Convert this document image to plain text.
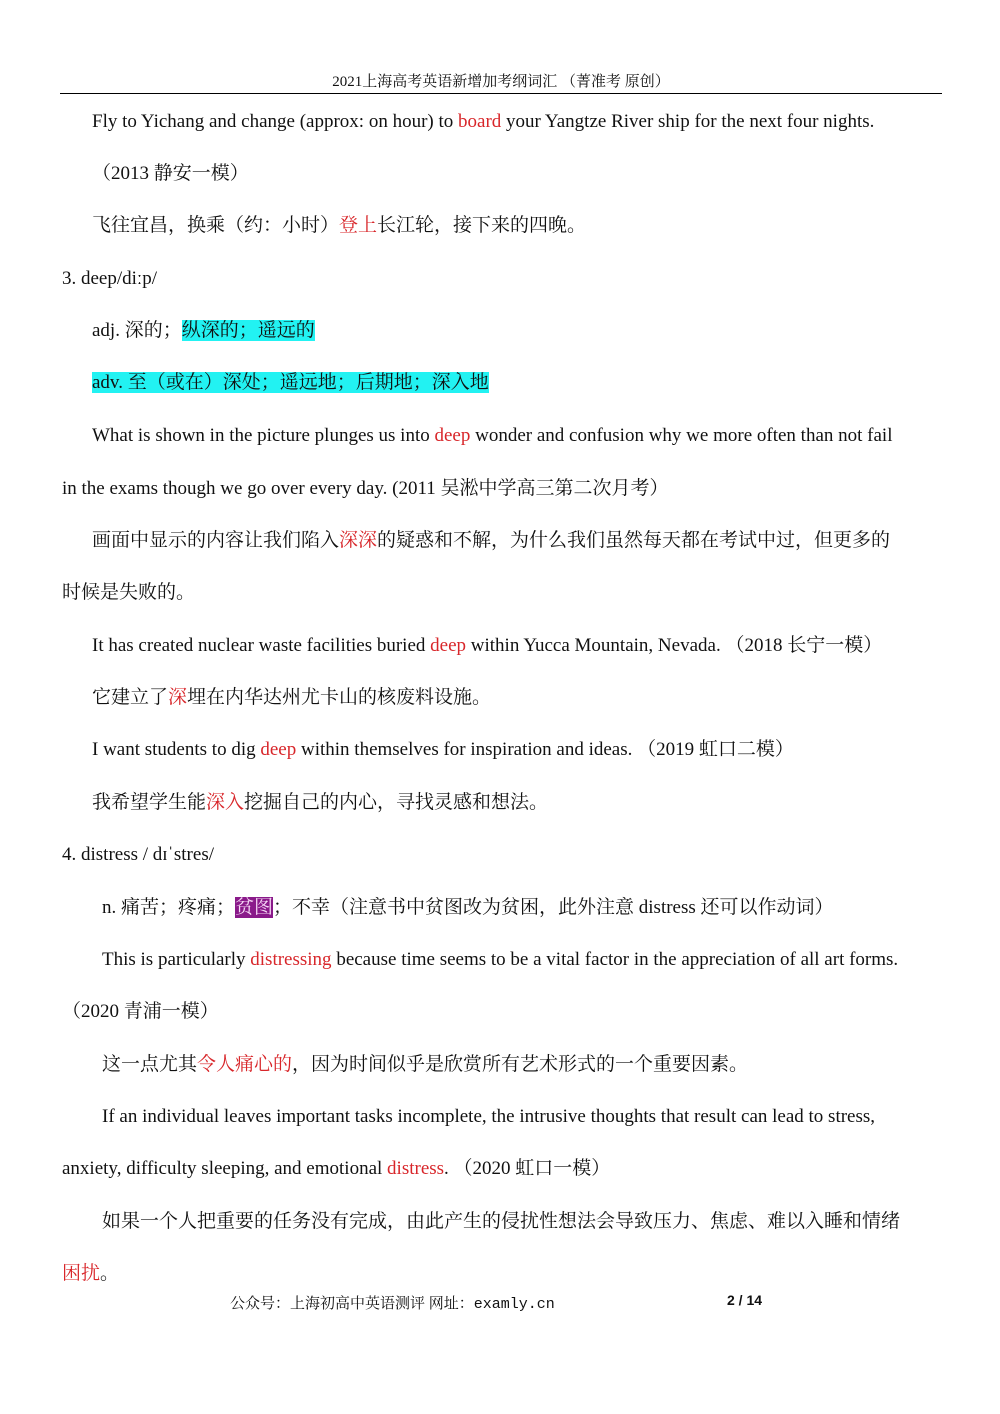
2021上海高考英语新增加考纲词汇 （菁准考 原创）
Fly to Yichang and change (approx: on hour) to board your Yangtze River ship for the next four nights.
（2013 静安一模）
飞往宜昌，换乘（约：小时）登上长江轮，接下来的四晚。
3. deep/diːp/
adj. 深的；纵深的；遥远的
adv. 至（或在）深处；遥远地；后期地；深入地
What is shown in the picture plunges us into deep wonder and confusion why we more often than not fail
in the exams though we go over every day. (2011 吴淞中学高三第二次月考）
画面中显示的内容让我们陷入深深的疑惑和不解，为什么我们虽然每天都在考试中过，但更多的
时候是失败的。
It has created nuclear waste facilities buried deep within Yucca Mountain, Nevada. （2018 长宁一模）
它建立了深埋在内华达州尤卡山的核废料设施。
I want students to dig deep within themselves for inspiration and ideas. （2019 虹口二模）
我希望学生能深入挖掘自己的内心，寻找灵感和想法。
4. distress / dɪˈstres/
n. 痛苦；疼痛；贫图；不幸（注意书中贫图改为贫困，此外注意 distress 还可以作动词）
This is particularly distressing because time seems to be a vital factor in the appreciation of all art forms.
（2020 青浦一模）
这一点尤其令人痛心的，因为时间似乎是欣赏所有艺术形式的一个重要因素。
If an individual leaves important tasks incomplete, the intrusive thoughts that result can lead to stress,
anxiety, difficulty sleeping, and emotional distress. （2020 虹口一模）
如果一个人把重要的任务没有完成，由此产生的侵扰性想法会导致压力、焦虑、难以入睡和情绪
困扰。
公众号：上海初高中英语测评 网址：examly.cn	2 / 14
